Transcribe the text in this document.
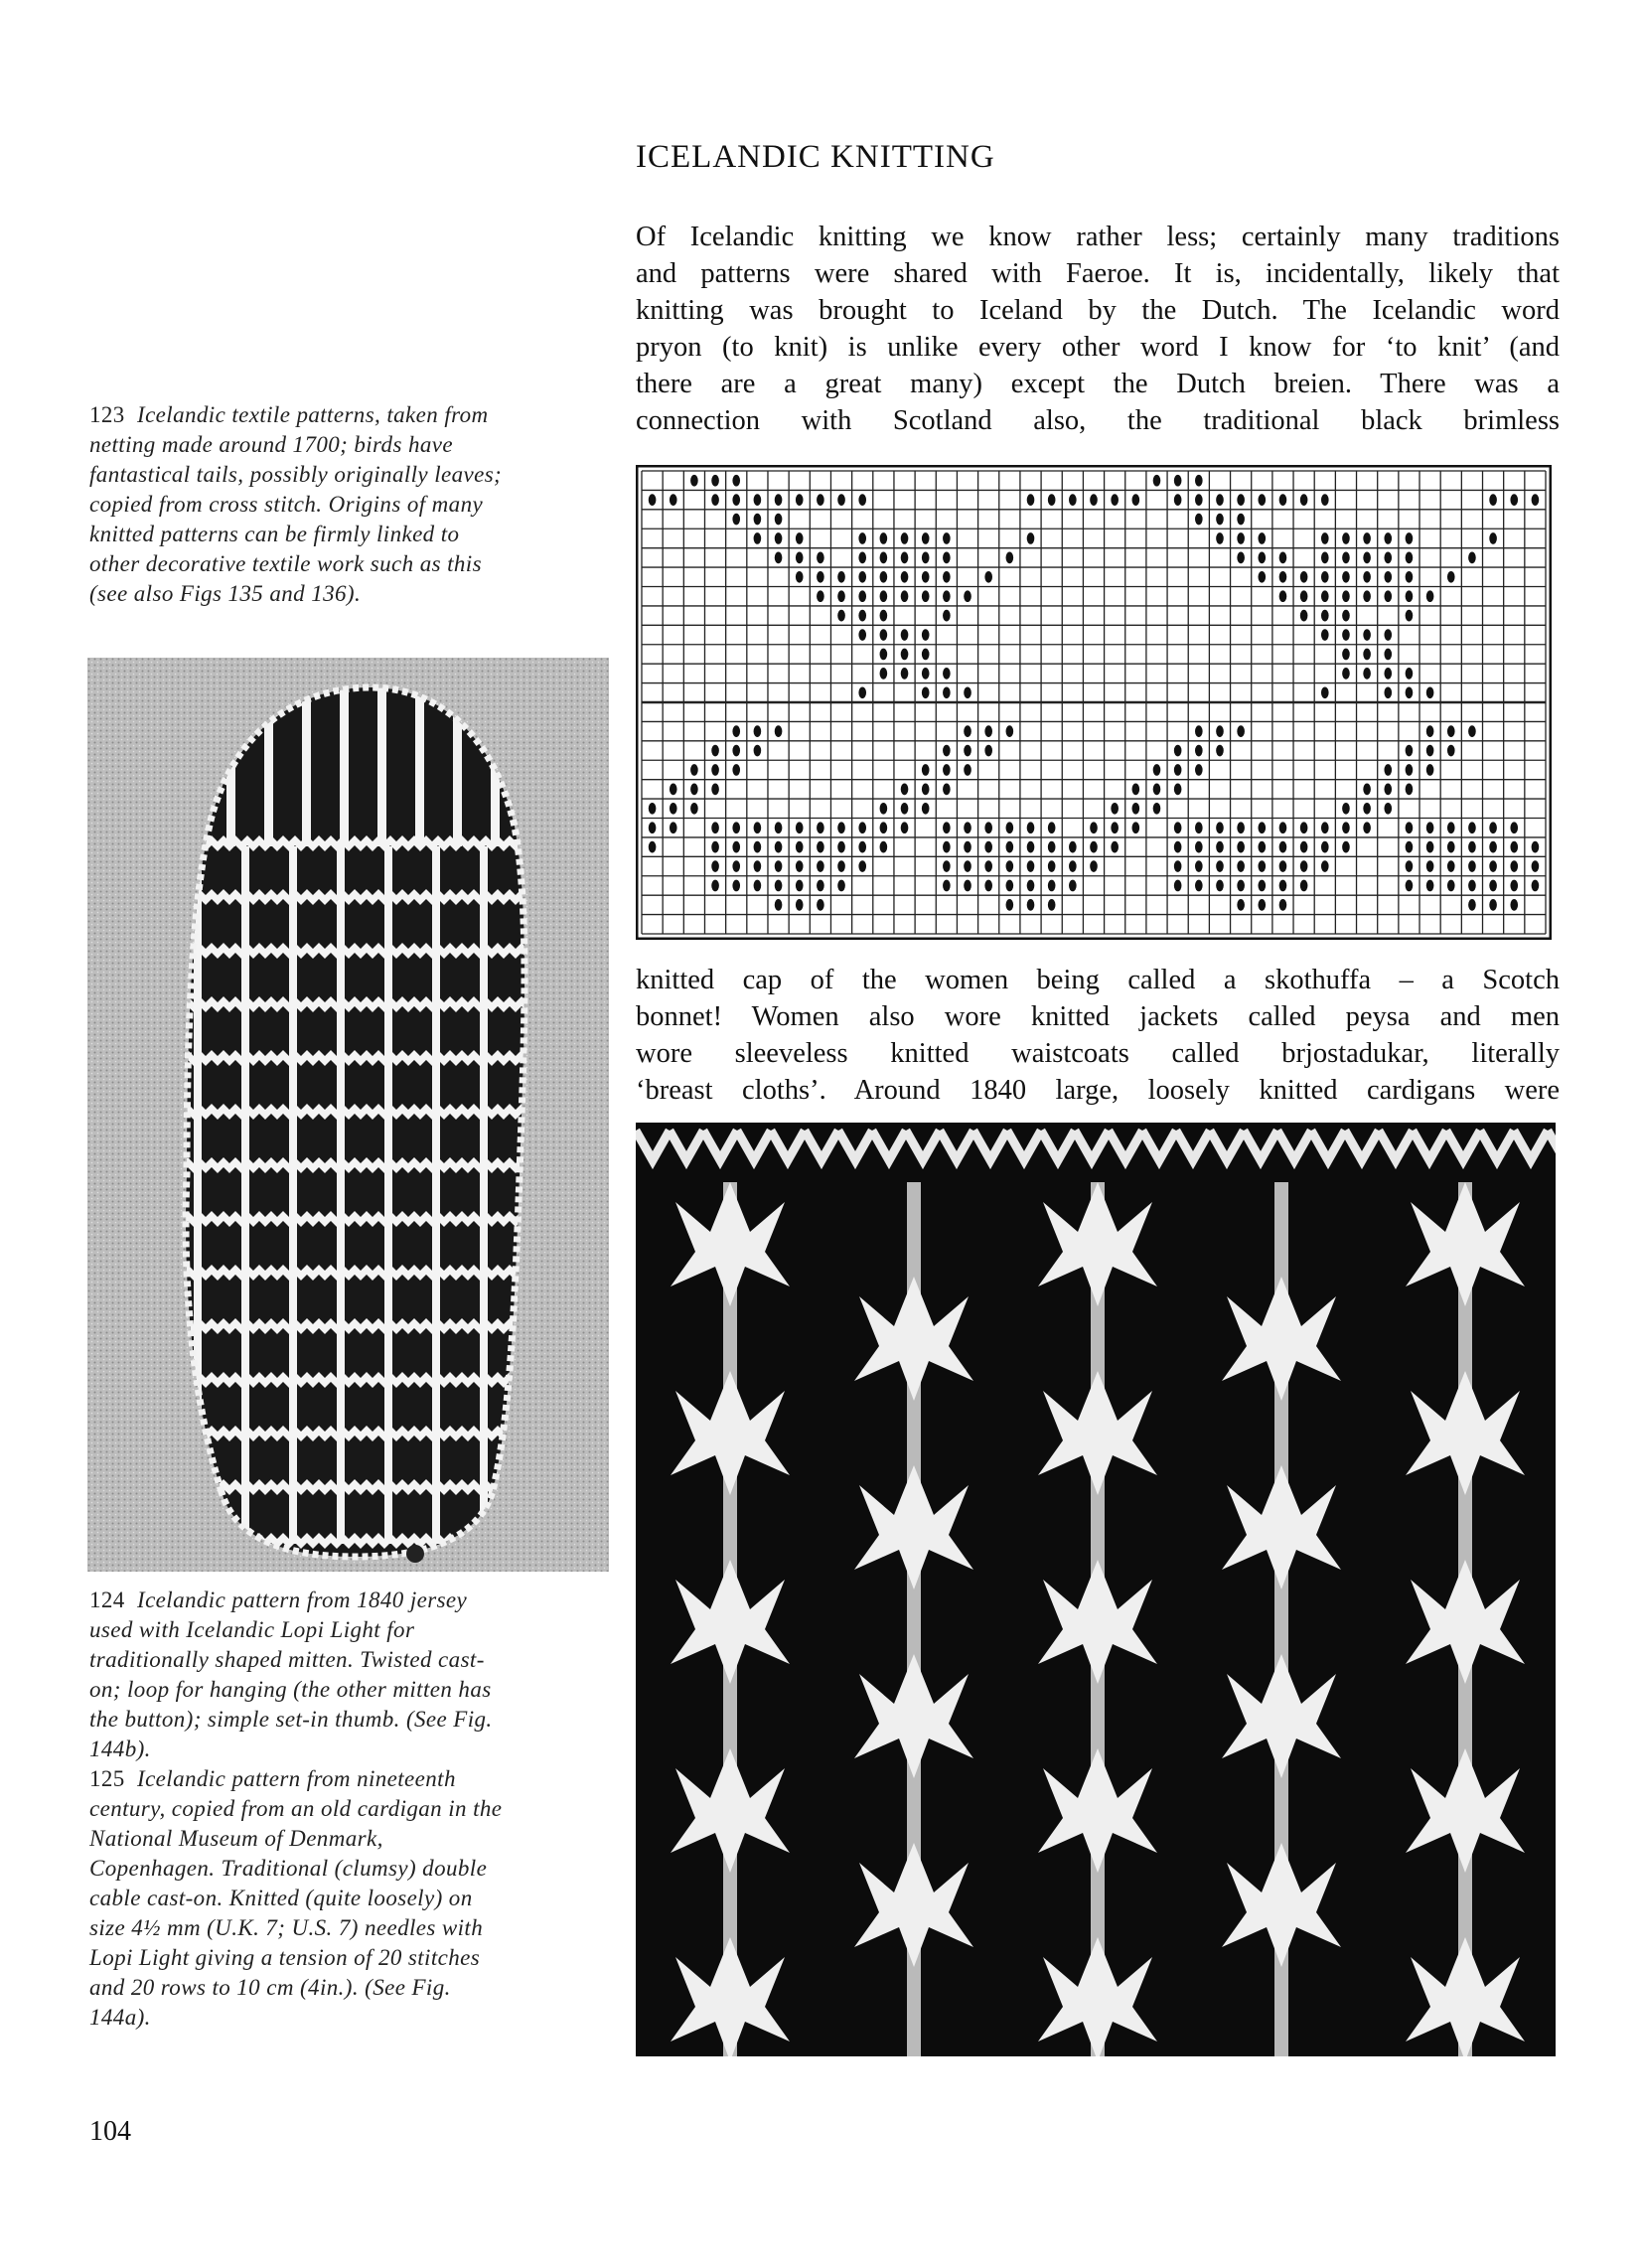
ICELANDIC KNITTING
Of Icelandic knitting we know rather less; certainly many traditions
and patterns were shared with Faeroe. It is, incidentally, likely that
knitting was brought to Iceland by the Dutch. The Icelandic word
pryon (to knit) is unlike every other word I know for ‘to knit’ (and
there are a great many) except the Dutch breien. There was a
connection with Scotland also, the traditional black brimless
123 Icelandic textile patterns, taken from
netting made around 1700; birds have
fantastical tails, possibly originally leaves;
copied from cross stitch. Origins of many
knitted patterns can be firmly linked to
other decorative textile work such as this
(see also Figs 135 and 136).
knitted cap of the women being called a skothuffa – a Scotch
bonnet! Women also wore knitted jackets called peysa and men
wore sleeveless knitted waistcoats called brjostadukar, literally
‘breast cloths’. Around 1840 large, loosely knitted cardigans were
124 Icelandic pattern from 1840 jersey
used with Icelandic Lopi Light for
traditionally shaped mitten. Twisted cast-
on; loop for hanging (the other mitten has
the button); simple set-in thumb. (See Fig.
144b).
125 Icelandic pattern from nineteenth
century, copied from an old cardigan in the
National Museum of Denmark,
Copenhagen. Traditional (clumsy) double
cable cast-on. Knitted (quite loosely) on
size 4½ mm (U.K. 7; U.S. 7) needles with
Lopi Light giving a tension of 20 stitches
and 20 rows to 10 cm (4in.). (See Fig.
144a).
104
